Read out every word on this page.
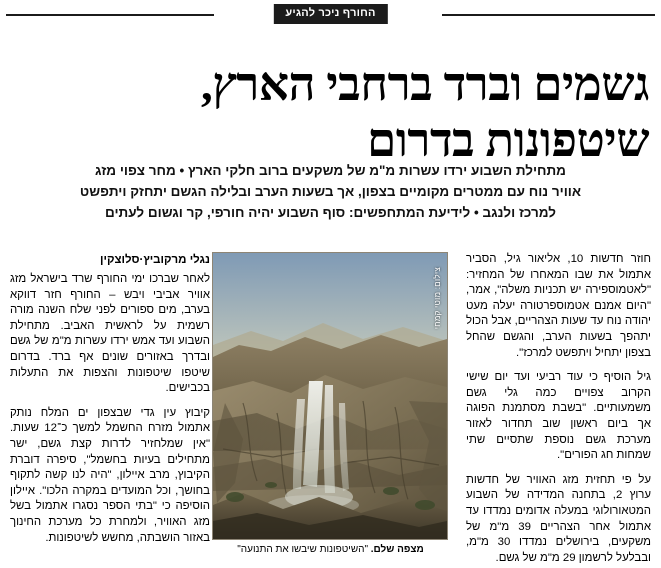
החורף ניכר להגיע
גשמים וברד ברחבי הארץ,
שיטפונות בדרום
מתחילת השבוע ירדו עשרות מ"מ של משקעים ברוב חלקי הארץ • מחר צפוי מזג
אוויר נוח עם ממטרים מקומיים בצפון, אך בשעות הערב ובלילה הגשם יתחזק ויתפשט
למרכז ולנגב • לידיעת המתחפשים: סוף השבוע יהיה חורפי, קר וגשום לעתים

חוזר חדשות 10, אליאור גיל, הסביר אתמול את שבו המאחרו של המחזיר: "לאטמוספירה יש תכניות משלה", אמר, "היום אמנם אטמוספרטורה יעלה מעט יהודה נוח עד שעות הצהריים, אבל הכול יתהפך בשעות הערב, והגשם שהחל בצפון יתחיל ויתפשט למרכז".

גיל הוסיף כי עוד רביעי ועד יום שישי הקרוב צפויים כמה גלי גשם משמעותיים. "בשבת מסתמנת הפוגה אך ביום ראשון שוב תחדור לאזור מערכת גשם נוספת שתסיים שתי שמחות חג הפורים".

על פי תחזית מזג האוויר של חדשות ערוץ 2, בתחנה המדידה של השבוע המטאורולוגי במעלה אדומים נמדדו עד אתמול אחר הצהריים 39 מ"מ של משקעים, בירושלים נמדדו 30 מ"מ, ובבלעל לרשמון 29 מ"מ של גשם.

נגלי מרקוביץ·סלוצקין

לאחר שברכו ימי החורף שרד בישראל מזג אוויר אביבי ויבש – החורף חזר דווקא בערב, מים ספורים לפני שלח השנה מורה רשמית על לראשית האביב. מתחילת השבוע ועד אמש ירדו עשרות מ"מ של גשם ובדרך באזורים שונים אף ברד. בדרום שיטפו שיטפונות והצפות את התעלות בכבישים.

קיבוץ עין גדי שבצפון ים המלח נותק אתמול מזרח החשמל למשך כ־12 שעות. "אין שמלחזיר לדרות קצת גשם, ישר מתחילים בעיות בחשמל", סיפרה דוברת הקיבוץ, מרב איילון, "היה לנו קשה לתקוף בחושך, וכל המועדים במקרה הלכו". איילון הוסיפה כי "בתי הספר נסגרו אתמול בשל מזג האוויר, ולמחרת כל מערכת החינוך באזור הושבתה, מחשש לשיטפונות.

צילום: מוטי קמחי
מצפה שלם. "השיטפונות שיבשו את התנועה"
